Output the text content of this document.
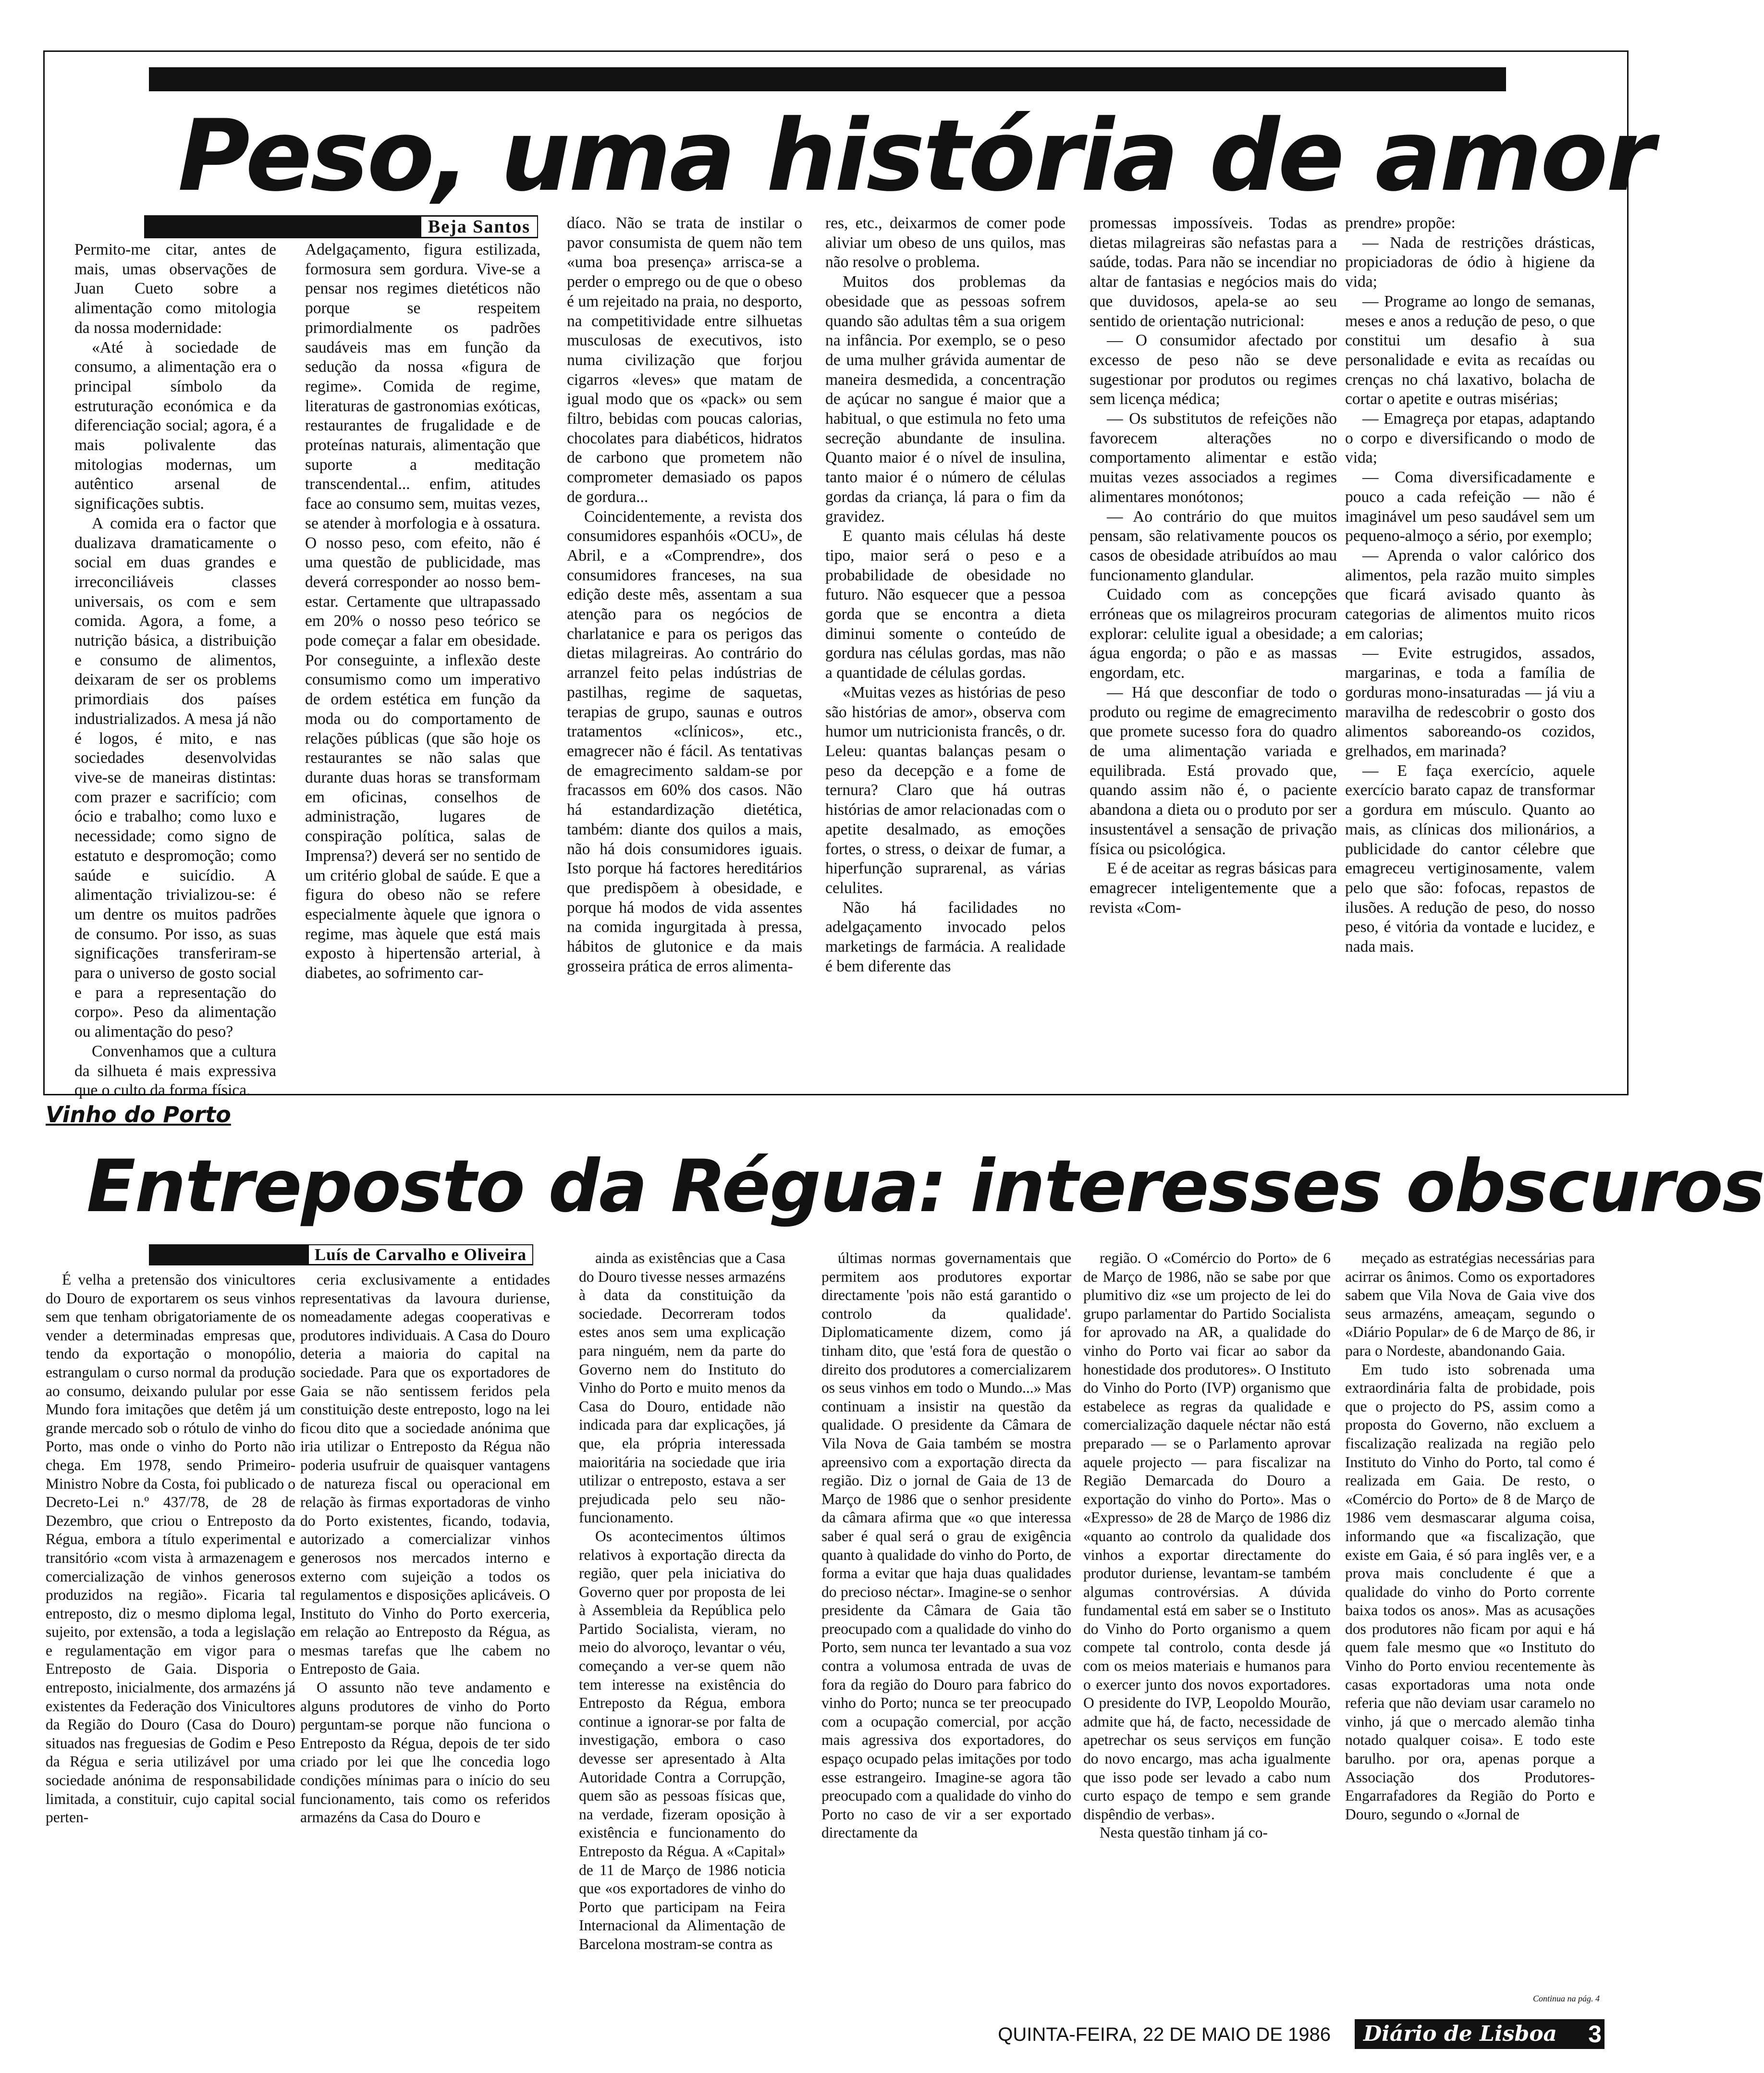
Peso, uma história de amor
Beja Santos

Permito-me citar, antes de mais, umas observações de Juan Cueto sobre a alimentação como mitologia da nossa modernidade:

«Até à sociedade de consumo, a alimentação era o principal símbolo da estruturação económica e da diferenciação social; agora, é a mais polivalente das mitologias modernas, um autêntico arsenal de significações subtis.

A comida era o factor que dualizava dramaticamente o social em duas grandes e irreconciliáveis classes universais, os com e sem comida. Agora, a fome, a nutrição básica, a distribuição e consumo de alimentos, deixaram de ser os problems primordiais dos países industrializados. A mesa já não é logos, é mito, e nas sociedades desenvolvidas vive-se de maneiras distintas: com prazer e sacrifício; com ócio e trabalho; como luxo e necessidade; como signo de estatuto e despromoção; como saúde e suicídio. A alimentação trivializou-se: é um dentre os muitos padrões de consumo. Por isso, as suas significações transferiram-se para o universo de gosto social e para a representação do corpo». Peso da alimentação ou alimentação do peso?

Convenhamos que a cultura da silhueta é mais expressiva que o culto da forma física.

Adelgaçamento, figura estilizada, formosura sem gordura. Vive-se a pensar nos regimes dietéticos não porque se respeitem primordialmente os padrões saudáveis mas em função da sedução da nossa «figura de regime». Comida de regime, literaturas de gastronomias exóticas, restaurantes de frugalidade e de proteínas naturais, alimentação que suporte a meditação transcendental... enfim, atitudes face ao consumo sem, muitas vezes, se atender à morfologia e à ossatura. O nosso peso, com efeito, não é uma questão de publicidade, mas deverá corresponder ao nosso bem-estar. Certamente que ultrapassado em 20% o nosso peso teórico se pode começar a falar em obesidade. Por conseguinte, a inflexão deste consumismo como um imperativo de ordem estética em função da moda ou do comportamento de relações públicas (que são hoje os restaurantes se não salas que durante duas horas se transformam em oficinas, conselhos de administração, lugares de conspiração política, salas de Imprensa?) deverá ser no sentido de um critério global de saúde. E que a figura do obeso não se refere especialmente àquele que ignora o regime, mas àquele que está mais exposto à hipertensão arterial, à diabetes, ao sofrimento car-

díaco. Não se trata de instilar o pavor consumista de quem não tem «uma boa presença» arrisca-se a perder o emprego ou de que o obeso é um rejeitado na praia, no desporto, na competitividade entre silhuetas musculosas de executivos, isto numa civilização que forjou cigarros «leves» que matam de igual modo que os «pack» ou sem filtro, bebidas com poucas calorias, chocolates para diabéticos, hidratos de carbono que prometem não comprometer demasiado os papos de gordura...

Coincidentemente, a revista dos consumidores espanhóis «OCU», de Abril, e a «Comprendre», dos consumidores franceses, na sua edição deste mês, assentam a sua atenção para os negócios de charlatanice e para os perigos das dietas milagreiras. Ao contrário do arranzel feito pelas indústrias de pastilhas, regime de saquetas, terapias de grupo, saunas e outros tratamentos «clínicos», etc., emagrecer não é fácil. As tentativas de emagrecimento saldam-se por fracassos em 60% dos casos. Não há estandardização dietética, também: diante dos quilos a mais, não há dois consumidores iguais. Isto porque há factores hereditários que predispõem à obesidade, e porque há modos de vida assentes na comida ingurgitada à pressa, hábitos de glutonice e da mais grosseira prática de erros alimenta-

res, etc., deixarmos de comer pode aliviar um obeso de uns quilos, mas não resolve o problema.

Muitos dos problemas da obesidade que as pessoas sofrem quando são adultas têm a sua origem na infância. Por exemplo, se o peso de uma mulher grávida aumentar de maneira desmedida, a concentração de açúcar no sangue é maior que a habitual, o que estimula no feto uma secreção abundante de insulina. Quanto maior é o nível de insulina, tanto maior é o número de células gordas da criança, lá para o fim da gravidez.

E quanto mais células há deste tipo, maior será o peso e a probabilidade de obesidade no futuro. Não esquecer que a pessoa gorda que se encontra a dieta diminui somente o conteúdo de gordura nas células gordas, mas não a quantidade de células gordas.

«Muitas vezes as histórias de peso são histórias de amor», observa com humor um nutricionista francês, o dr. Leleu: quantas balanças pesam o peso da decepção e a fome de ternura? Claro que há outras histórias de amor relacionadas com o apetite desalmado, as emoções fortes, o stress, o deixar de fumar, a hiperfunção suprarenal, as várias celulites.

Não há facilidades no adelgaçamento invocado pelos marketings de farmácia. A realidade é bem diferente das

promessas impossíveis. Todas as dietas milagreiras são nefastas para a saúde, todas. Para não se incendiar no altar de fantasias e negócios mais do que duvidosos, apela-se ao seu sentido de orientação nutricional:

— O consumidor afectado por excesso de peso não se deve sugestionar por produtos ou regimes sem licença médica;

— Os substitutos de refeições não favorecem alterações no comportamento alimentar e estão muitas vezes associados a regimes alimentares monótonos;

— Ao contrário do que muitos pensam, são relativamente poucos os casos de obesidade atribuídos ao mau funcionamento glandular.

Cuidado com as concepções erróneas que os milagreiros procuram explorar: celulite igual a obesidade; a água engorda; o pão e as massas engordam, etc.

— Há que desconfiar de todo o produto ou regime de emagrecimento que promete sucesso fora do quadro de uma alimentação variada e equilibrada. Está provado que, quando assim não é, o paciente abandona a dieta ou o produto por ser insustentável a sensação de privação física ou psicológica.

E é de aceitar as regras básicas para emagrecer inteligentemente que a revista «Com-

prendre» propõe:

— Nada de restrições drásticas, propiciadoras de ódio à higiene da vida;

— Programe ao longo de semanas, meses e anos a redução de peso, o que constitui um desafio à sua personalidade e evita as recaídas ou crenças no chá laxativo, bolacha de cortar o apetite e outras misérias;

— Emagreça por etapas, adaptando o corpo e diversificando o modo de vida;

— Coma diversificadamente e pouco a cada refeição — não é imaginável um peso saudável sem um pequeno-almoço a sério, por exemplo;

— Aprenda o valor calórico dos alimentos, pela razão muito simples que ficará avisado quanto às categorias de alimentos muito ricos em calorias;

— Evite estrugidos, assados, margarinas, e toda a família de gorduras mono-insaturadas — já viu a maravilha de redescobrir o gosto dos alimentos saboreando-os cozidos, grelhados, em marinada?

— E faça exercício, aquele exercício barato capaz de transformar a gordura em músculo. Quanto ao mais, as clínicas dos milionários, a publicidade do cantor célebre que emagreceu vertiginosamente, valem pelo que são: fofocas, repastos de ilusões. A redução de peso, do nosso peso, é vitória da vontade e lucidez, e nada mais.

Vinho do Porto
Entreposto da Régua: interesses obscuros
Luís de Carvalho e Oliveira

É velha a pretensão dos vinicultores do Douro de exportarem os seus vinhos sem que tenham obrigatoriamente de os vender a determinadas empresas que, tendo da exportação o monopólio, estrangulam o curso normal da produção ao consumo, deixando pulular por esse Mundo fora imitações que detêm já um grande mercado sob o rótulo de vinho do Porto, mas onde o vinho do Porto não chega. Em 1978, sendo Primeiro-Ministro Nobre da Costa, foi publicado o Decreto-Lei n.º 437/78, de 28 de Dezembro, que criou o Entreposto da Régua, embora a título experimental e transitório «com vista à armazenagem e comercialização de vinhos generosos produzidos na região». Ficaria tal entreposto, diz o mesmo diploma legal, sujeito, por extensão, a toda a legislação e regulamentação em vigor para o Entreposto de Gaia. Disporia o entreposto, inicialmente, dos armazéns já existentes da Federação dos Vinicultores da Região do Douro (Casa do Douro) situados nas freguesias de Godim e Peso da Régua e seria utilizável por uma sociedade anónima de responsabilidade limitada, a constituir, cujo capital social perten-

ceria exclusivamente a entidades representativas da lavoura duriense, nomeadamente adegas cooperativas e produtores individuais. A Casa do Douro deteria a maioria do capital na sociedade. Para que os exportadores de Gaia se não sentissem feridos pela constituição deste entreposto, logo na lei ficou dito que a sociedade anónima que iria utilizar o Entreposto da Régua não poderia usufruir de quaisquer vantagens de natureza fiscal ou operacional em relação às firmas exportadoras de vinho do Porto existentes, ficando, todavia, autorizado a comercializar vinhos generosos nos mercados interno e externo com sujeição a todos os regulamentos e disposições aplicáveis. O Instituto do Vinho do Porto exerceria, em relação ao Entreposto da Régua, as mesmas tarefas que lhe cabem no Entreposto de Gaia.

O assunto não teve andamento e alguns produtores de vinho do Porto perguntam-se porque não funciona o Entreposto da Régua, depois de ter sido criado por lei que lhe concedia logo condições mínimas para o início do seu funcionamento, tais como os referidos armazéns da Casa do Douro e

ainda as existências que a Casa do Douro tivesse nesses armazéns à data da constituição da sociedade. Decorreram todos estes anos sem uma explicação para ninguém, nem da parte do Governo nem do Instituto do Vinho do Porto e muito menos da Casa do Douro, entidade não indicada para dar explicações, já que, ela própria interessada maioritária na sociedade que iria utilizar o entreposto, estava a ser prejudicada pelo seu não-funcionamento.

Os acontecimentos últimos relativos à exportação directa da região, quer pela iniciativa do Governo quer por proposta de lei à Assembleia da República pelo Partido Socialista, vieram, no meio do alvoroço, levantar o véu, começando a ver-se quem não tem interesse na existência do Entreposto da Régua, embora continue a ignorar-se por falta de investigação, embora o caso devesse ser apresentado à Alta Autoridade Contra a Corrupção, quem são as pessoas físicas que, na verdade, fizeram oposição à existência e funcionamento do Entreposto da Régua. A «Capital» de 11 de Março de 1986 noticia que «os exportadores de vinho do Porto que participam na Feira Internacional da Alimentação de Barcelona mostram-se contra as

últimas normas governamentais que permitem aos produtores exportar directamente 'pois não está garantido o controlo da qualidade'. Diplomaticamente dizem, como já tinham dito, que 'está fora de questão o direito dos produtores a comercializarem os seus vinhos em todo o Mundo...» Mas continuam a insistir na questão da qualidade. O presidente da Câmara de Vila Nova de Gaia também se mostra apreensivo com a exportação directa da região. Diz o jornal de Gaia de 13 de Março de 1986 que o senhor presidente da câmara afirma que «o que interessa saber é qual será o grau de exigência quanto à qualidade do vinho do Porto, de forma a evitar que haja duas qualidades do precioso néctar». Imagine-se o senhor presidente da Câmara de Gaia tão preocupado com a qualidade do vinho do Porto, sem nunca ter levantado a sua voz contra a volumosa entrada de uvas de fora da região do Douro para fabrico do vinho do Porto; nunca se ter preocupado com a ocupação comercial, por acção mais agressiva dos exportadores, do espaço ocupado pelas imitações por todo esse estrangeiro. Imagine-se agora tão preocupado com a qualidade do vinho do Porto no caso de vir a ser exportado directamente da

região. O «Comércio do Porto» de 6 de Março de 1986, não se sabe por que plumitivo diz «se um projecto de lei do grupo parlamentar do Partido Socialista for aprovado na AR, a qualidade do vinho do Porto vai ficar ao sabor da honestidade dos produtores». O Instituto do Vinho do Porto (IVP) organismo que estabelece as regras da qualidade e comercialização daquele néctar não está preparado — se o Parlamento aprovar aquele projecto — para fiscalizar na Região Demarcada do Douro a exportação do vinho do Porto». Mas o «Expresso» de 28 de Março de 1986 diz «quanto ao controlo da qualidade dos vinhos a exportar directamente do produtor duriense, levantam-se também algumas controvérsias. A dúvida fundamental está em saber se o Instituto do Vinho do Porto organismo a quem compete tal controlo, conta desde já com os meios materiais e humanos para o exercer junto dos novos exportadores. O presidente do IVP, Leopoldo Mourão, admite que há, de facto, necessidade de apetrechar os seus serviços em função do novo encargo, mas acha igualmente que isso pode ser levado a cabo num curto espaço de tempo e sem grande dispêndio de verbas».

Nesta questão tinham já co-

meçado as estratégias necessárias para acirrar os ânimos. Como os exportadores sabem que Vila Nova de Gaia vive dos seus armazéns, ameaçam, segundo o «Diário Popular» de 6 de Março de 86, ir para o Nordeste, abandonando Gaia.

Em tudo isto sobrenada uma extraordinária falta de probidade, pois que o projecto do PS, assim como a proposta do Governo, não excluem a fiscalização realizada na região pelo Instituto do Vinho do Porto, tal como é realizada em Gaia. De resto, o «Comércio do Porto» de 8 de Março de 1986 vem desmascarar alguma coisa, informando que «a fiscalização, que existe em Gaia, é só para inglês ver, e a prova mais concludente é que a qualidade do vinho do Porto corrente baixa todos os anos». Mas as acusações dos produtores não ficam por aqui e há quem fale mesmo que «o Instituto do Vinho do Porto enviou recentemente às casas exportadoras uma nota onde referia que não deviam usar caramelo no vinho, já que o mercado alemão tinha notado qualquer coisa». E todo este barulho. por ora, apenas porque a Associação dos Produtores-Engarrafadores da Região do Porto e Douro, segundo o «Jornal de

Continua na pág. 4
QUINTA-FEIRA, 22 DE MAIO DE 1986	Diário de Lisboa	3
